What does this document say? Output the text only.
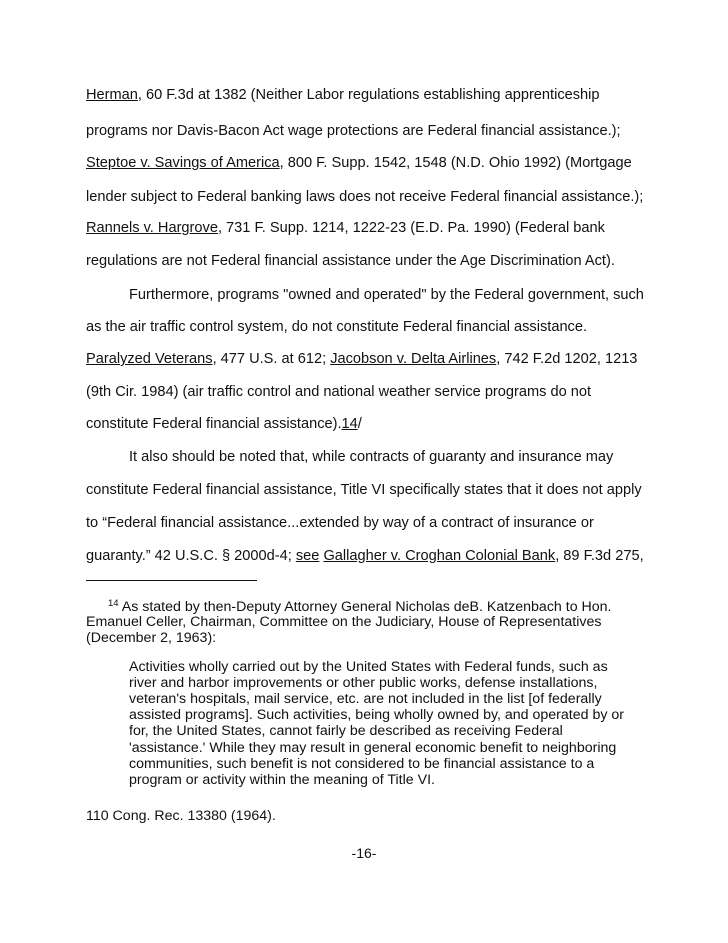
Herman, 60 F.3d at 1382 (Neither Labor regulations establishing apprenticeship
programs nor Davis-Bacon Act wage protections are Federal financial assistance.);
Steptoe v. Savings of America, 800 F. Supp. 1542, 1548 (N.D. Ohio 1992) (Mortgage
lender subject to Federal banking laws does not receive Federal financial assistance.);
Rannels v. Hargrove, 731 F. Supp. 1214, 1222-23 (E.D. Pa. 1990) (Federal bank
regulations are not Federal financial assistance under the Age Discrimination Act).
Furthermore, programs "owned and operated" by the Federal government, such
as the air traffic control system, do not constitute Federal financial assistance.
Paralyzed Veterans, 477 U.S. at 612; Jacobson v. Delta Airlines, 742 F.2d 1202, 1213
(9th Cir. 1984) (air traffic control and national weather service programs do not
constitute Federal financial assistance).14/
It also should be noted that, while contracts of guaranty and insurance may
constitute Federal financial assistance, Title VI specifically states that it does not apply
to “Federal financial assistance...extended by way of a contract of insurance or
guaranty.” 42 U.S.C. § 2000d-4; see Gallagher v. Croghan Colonial Bank, 89 F.3d 275,
$^{14}$ As stated by then-Deputy Attorney General Nicholas deB. Katzenbach to Hon.
Emanuel Celler, Chairman, Committee on the Judiciary, House of Representatives
(December 2, 1963):
Activities wholly carried out by the United States with Federal funds, such as
river and harbor improvements or other public works, defense installations,
veteran's hospitals, mail service, etc. are not included in the list [of federally
assisted programs]. Such activities, being wholly owned by, and operated by or
for, the United States, cannot fairly be described as receiving Federal
'assistance.' While they may result in general economic benefit to neighboring
communities, such benefit is not considered to be financial assistance to a
program or activity within the meaning of Title VI.
110 Cong. Rec. 13380 (1964).
-16-
